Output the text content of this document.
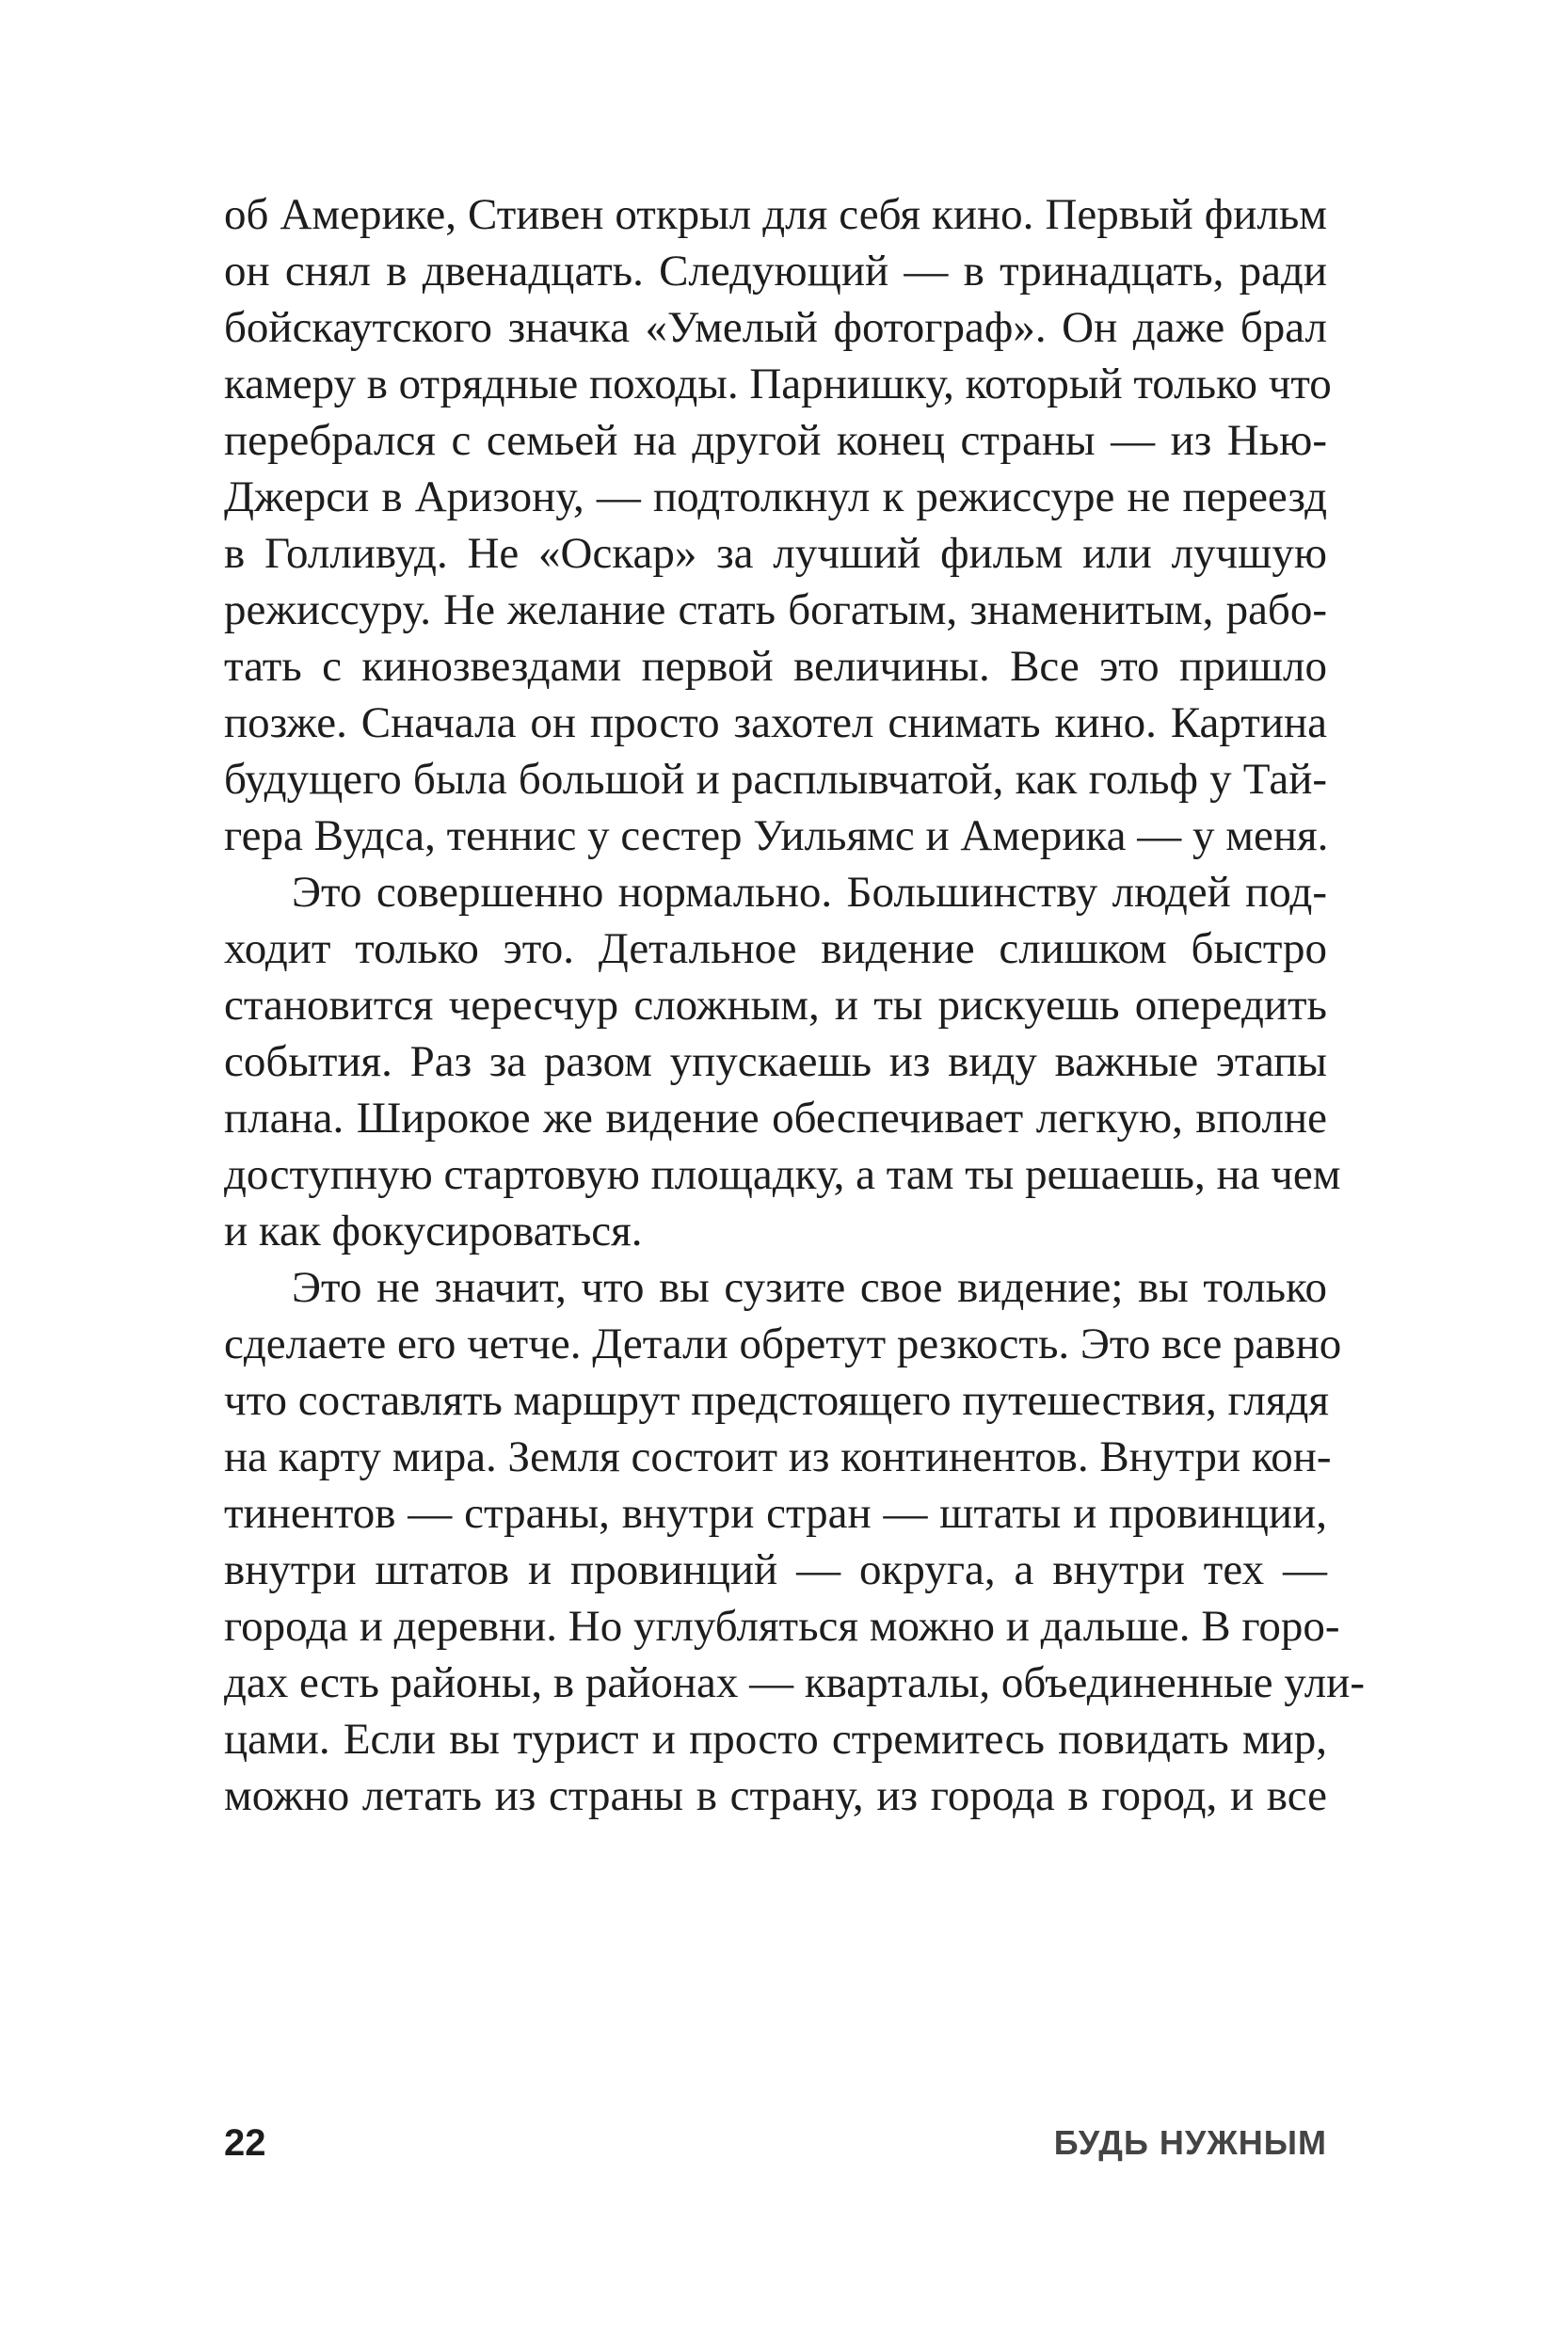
об Америке, Стивен открыл для себя кино. Первый фильм
он снял в двенадцать. Следующий — в тринадцать, ради
бойскаутского значка «Умелый фотограф». Он даже брал
камеру в отрядные походы. Парнишку, который только что
перебрался с семьей на другой конец страны — из Нью-
Джерси в Аризону, — подтолкнул к режиссуре не переезд
в Голливуд. Не «Оскар» за лучший фильм или лучшую
режиссуру. Не желание стать богатым, знаменитым, рабо-
тать с кинозвездами первой величины. Все это пришло
позже. Сначала он просто захотел снимать кино. Картина
будущего была большой и расплывчатой, как гольф у Тай-
гера Вудса, теннис у сестер Уильямс и Америка — у меня.
Это совершенно нормально. Большинству людей под-
ходит только это. Детальное видение слишком быстро
становится чересчур сложным, и ты рискуешь опередить
события. Раз за разом упускаешь из виду важные этапы
плана. Широкое же видение обеспечивает легкую, вполне
доступную стартовую площадку, а там ты решаешь, на чем
и как фокусироваться.
Это не значит, что вы сузите свое видение; вы только
сделаете его четче. Детали обретут резкость. Это все равно
что составлять маршрут предстоящего путешествия, глядя
на карту мира. Земля состоит из континентов. Внутри кон-
тинентов — страны, внутри стран — штаты и провинции,
внутри штатов и провинций — округа, а внутри тех —
города и деревни. Но углубляться можно и дальше. В горо-
дах есть районы, в районах — кварталы, объединенные ули-
цами. Если вы турист и просто стремитесь повидать мир,
можно летать из страны в страну, из города в город, и все
22	БУДЬ НУЖНЫМ
